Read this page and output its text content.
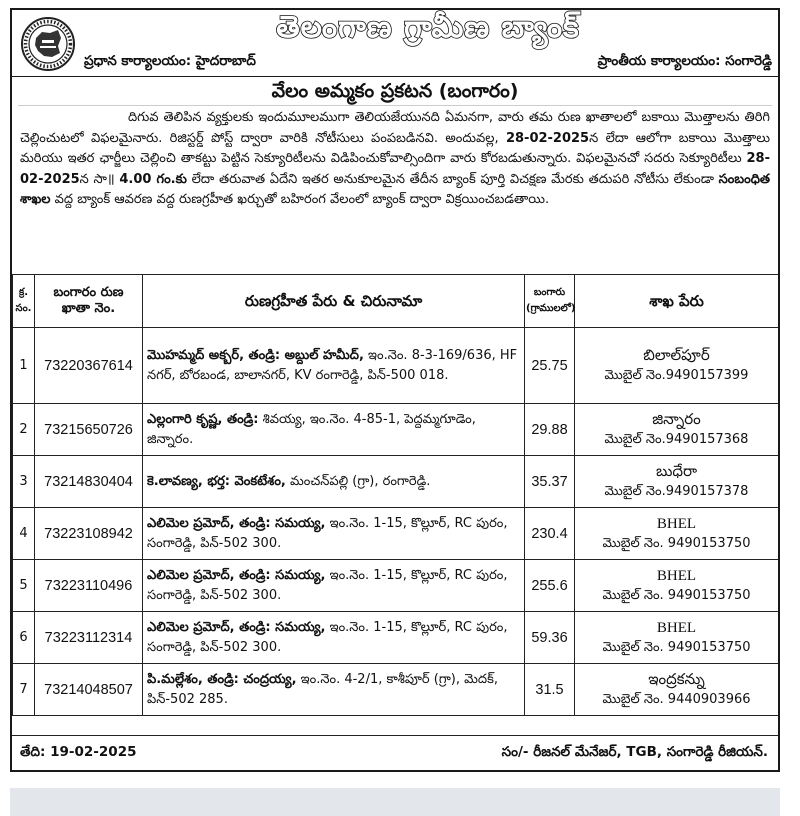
తెలంగాణ గ్రామీణ బ్యాంక్
ప్రధాన కార్యాలయం: హైదరాబాద్	ప్రాంతీయ కార్యాలయం: సంగారెడ్డి
వేలం అమ్మకం ప్రకటన (బంగారం)
దిగువ తెలిపిన వ్యక్తులకు ఇందుమూలముగా తెలియజేయునది ఏమనగా, వారు తమ రుణ ఖాతాలలో బకాయి మొత్తాలను తిరిగి చెల్లించుటలో విఫలమైనారు. రిజిస్టర్డ్ పోస్ట్ ద్వారా వారికి నోటీసులు పంపబడినవి. అందువల్ల, 28-02-2025న లేదా ఆలోగా బకాయి మొత్తాలు మరియు ఇతర ఛార్జీలు చెల్లించి తాకట్టు పెట్టిన సెక్యూరిటీలను విడిపించుకోవాల్సిందిగా వారు కోరబడుతున్నారు. విఫలమైనచో సదరు సెక్యూరిటీలు 28-02-2025న సా॥ 4.00 గం.కు లేదా తరువాత ఏదేని ఇతర అనుకూలమైన తేదీన బ్యాంక్ పూర్తి విచక్షణ మేరకు తదుపరి నోటీసు లేకుండా సంబంధిత శాఖల వద్ద బ్యాంక్ ఆవరణ వద్ద రుణగ్రహీత ఖర్చుతో బహిరంగ వేలంలో బ్యాంక్ ద్వారా విక్రయించబడతాయి.
క్ర. సం.	బంగారం రుణ ఖాతా నెం.	రుణగ్రహీత పేరు & చిరునామా	బంగారు (గ్రాములలో)	శాఖ పేరు
1	73220367614	మొహమ్మద్ అక్బర్, తండ్రి: అబ్దుల్ హమీద్, ఇం.నెం. 8-3-169/636, HF నగర్, బోరబండ, బాలానగర్, KV రంగారెడ్డి, పిన్-500 018.	25.75	బిలాల్‌పూర్
మొబైల్ నెం.9490157399

2	73215650726	ఎల్లంగారి కృష్ణ, తండ్రి: శివయ్య, ఇం.నెం. 4-85-1, పెద్దమ్మగూడెం, జిన్నారం.	29.88	జిన్నారం
మొబైల్ నెం.9490157368

3	73214830404	కె.లావణ్య, భర్త: వెంకటేశం, మంచన్‌పల్లి (గ్రా), రంగారెడ్డి.	35.37	బుధేరా
మొబైల్ నెం.9490157378

4	73223108942	ఎలిమెల ప్రమోద్, తండ్రి: సమయ్య, ఇం.నెం. 1-15, కొల్లూర్, RC పురం, సంగారెడ్డి, పిన్-502 300.	230.4	BHEL
మొబైల్ నెం. 9490153750

5	73223110496	ఎలిమెల ప్రమోద్, తండ్రి: సమయ్య, ఇం.నెం. 1-15, కొల్లూర్, RC పురం, సంగారెడ్డి, పిన్-502 300.	255.6	BHEL
మొబైల్ నెం. 9490153750

6	73223112314	ఎలిమెల ప్రమోద్, తండ్రి: సమయ్య, ఇం.నెం. 1-15, కొల్లూర్, RC పురం, సంగారెడ్డి, పిన్-502 300.	59.36	BHEL
మొబైల్ నెం. 9490153750

7	73214048507	పి.మల్లేశం, తండ్రి: చంద్రయ్య, ఇం.నెం. 4-2/1, కాశీపూర్ (గ్రా), మెదక్, పిన్-502 285.	31.5	ఇంద్రకన్ను
మొబైల్ నెం. 9440903966
తేది: 19-02-2025	సం/- రీజనల్ మేనేజర్, TGB, సంగారెడ్డి రీజియన్.
